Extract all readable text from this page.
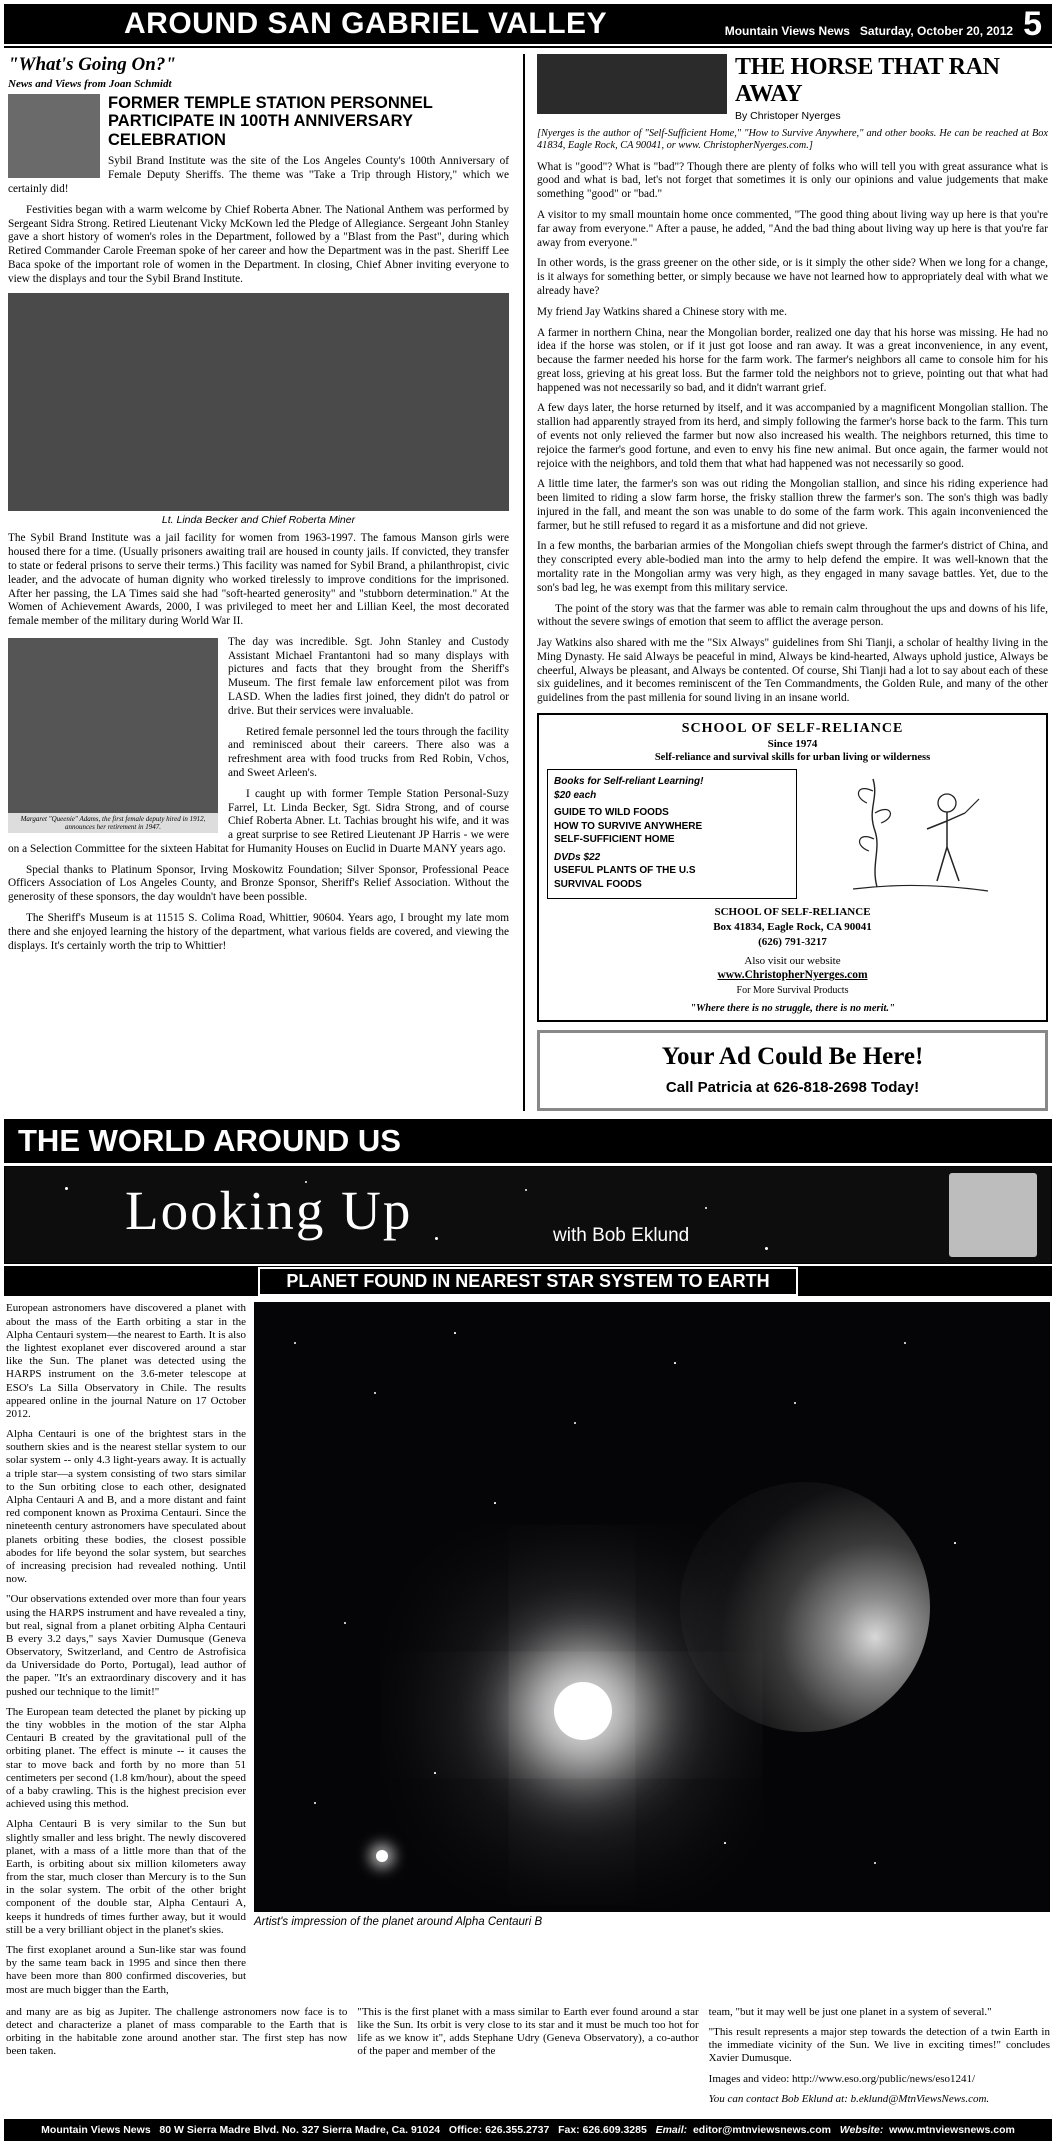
AROUND SAN GABRIEL VALLEY	Mountain Views News Saturday, October 20, 2012 5
"What's Going On?"
News and Views from Joan Schmidt
FORMER TEMPLE STATION PERSONNEL PARTICIPATE IN 100TH ANNIVERSARY CELEBRATION

Sybil Brand Institute was the site of the Los Angeles County's 100th Anniversary of Female Deputy Sheriffs. The theme was "Take a Trip through History," which we certainly did!

Festivities began with a warm welcome by Chief Roberta Abner. The National Anthem was performed by Sergeant Sidra Strong. Retired Lieutenant Vicky McKown led the Pledge of Allegiance. Sergeant John Stanley gave a short history of women's roles in the Department, followed by a "Blast from the Past", during which Retired Commander Carole Freeman spoke of her career and how the Department was in the past. Sheriff Lee Baca spoke of the important role of women in the Department. In closing, Chief Abner inviting everyone to view the displays and tour the Sybil Brand Institute.

Lt. Linda Becker and Chief Roberta Miner

The Sybil Brand Institute was a jail facility for women from 1963-1997. The famous Manson girls were housed there for a time. (Usually prisoners awaiting trail are housed in county jails. If convicted, they transfer to state or federal prisons to serve their terms.) This facility was named for Sybil Brand, a philanthropist, civic leader, and the advocate of human dignity who worked tirelessly to improve conditions for the imprisoned. After her passing, the LA Times said she had "soft-hearted generosity" and "stubborn determination." At the Women of Achievement Awards, 2000, I was privileged to meet her and Lillian Keel, the most decorated female member of the military during World War II.

Margaret "Queenie" Adams, the first female deputy hired in 1912, announces her retirement in 1947.

The day was incredible. Sgt. John Stanley and Custody Assistant Michael Frantantoni had so many displays with pictures and facts that they brought from the Sheriff's Museum. The first female law enforcement pilot was from LASD. When the ladies first joined, they didn't do patrol or drive. But their services were invaluable.

Retired female personnel led the tours through the facility and reminisced about their careers. There also was a refreshment area with food trucks from Red Robin, Vchos, and Sweet Arleen's.

I caught up with former Temple Station Personal-Suzy Farrel, Lt. Linda Becker, Sgt. Sidra Strong, and of course Chief Roberta Abner. Lt. Tachias brought his wife, and it was a great surprise to see Retired Lieutenant JP Harris - we were on a Selection Committee for the sixteen Habitat for Humanity Houses on Euclid in Duarte MANY years ago.

Special thanks to Platinum Sponsor, Irving Moskowitz Foundation; Silver Sponsor, Professional Peace Officers Association of Los Angeles County, and Bronze Sponsor, Sheriff's Relief Association. Without the generosity of these sponsors, the day wouldn't have been possible.

The Sheriff's Museum is at 11515 S. Colima Road, Whittier, 90604. Years ago, I brought my late mom there and she enjoyed learning the history of the department, what various fields are covered, and viewing the displays. It's certainly worth the trip to Whittier!

THE HORSE THAT RAN AWAY
By Christoper Nyerges
[Nyerges is the author of "Self-Sufficient Home," "How to Survive Anywhere," and other books. He can be reached at Box 41834, Eagle Rock, CA 90041, or www. ChristopherNyerges.com.]

What is "good"? What is "bad"? Though there are plenty of folks who will tell you with great assurance what is good and what is bad, let's not forget that sometimes it is only our opinions and value judgements that make something "good" or "bad."

A visitor to my small mountain home once commented, "The good thing about living way up here is that you're far away from everyone." After a pause, he added, "And the bad thing about living way up here is that you're far away from everyone."

In other words, is the grass greener on the other side, or is it simply the other side? When we long for a change, is it always for something better, or simply because we have not learned how to appropriately deal with what we already have?

My friend Jay Watkins shared a Chinese story with me.

A farmer in northern China, near the Mongolian border, realized one day that his horse was missing. He had no idea if the horse was stolen, or if it just got loose and ran away. It was a great inconvenience, in any event, because the farmer needed his horse for the farm work. The farmer's neighbors all came to console him for his great loss, grieving at his great loss. But the farmer told the neighbors not to grieve, pointing out that what had happened was not necessarily so bad, and it didn't warrant grief.

A few days later, the horse returned by itself, and it was accompanied by a magnificent Mongolian stallion. The stallion had apparently strayed from its herd, and simply following the farmer's horse back to the farm. This turn of events not only relieved the farmer but now also increased his wealth. The neighbors returned, this time to rejoice the farmer's good fortune, and even to envy his fine new animal. But once again, the farmer would not rejoice with the neighbors, and told them that what had happened was not necessarily so good.

A little time later, the farmer's son was out riding the Mongolian stallion, and since his riding experience had been limited to riding a slow farm horse, the frisky stallion threw the farmer's son. The son's thigh was badly injured in the fall, and meant the son was unable to do some of the farm work. This again inconvenienced the farmer, but he still refused to regard it as a misfortune and did not grieve.

In a few months, the barbarian armies of the Mongolian chiefs swept through the farmer's district of China, and they conscripted every able-bodied man into the army to help defend the empire. It was well-known that the mortality rate in the Mongolian army was very high, as they engaged in many savage battles. Yet, due to the son's bad leg, he was exempt from this military service.

The point of the story was that the farmer was able to remain calm throughout the ups and downs of his life, without the severe swings of emotion that seem to afflict the average person.

Jay Watkins also shared with me the "Six Always" guidelines from Shi Tianji, a scholar of healthy living in the Ming Dynasty. He said Always be peaceful in mind, Always be kind-hearted, Always uphold justice, Always be cheerful, Always be pleasant, and Always be contented. Of course, Shi Tianji had a lot to say about each of these six guidelines, and it becomes reminiscent of the Ten Commandments, the Golden Rule, and many of the other guidelines from the past millenia for sound living in an insane world.

SCHOOL OF SELF-RELIANCE
Since 1974
Self-reliance and survival skills for urban living or wilderness
Books for Self-reliant Learning!
$20 each
GUIDE TO WILD FOODS
HOW TO SURVIVE ANYWHERE
SELF-SUFFICIENT HOME
DVDs $22
USEFUL PLANTS OF THE U.S
SURVIVAL FOODS
SCHOOL OF SELF-RELIANCE
Box 41834, Eagle Rock, CA 90041
(626) 791-3217
Also visit our website
www.ChristopherNyerges.com
For More Survival Products
"Where there is no struggle, there is no merit."
Your Ad Could Be Here!
Call Patricia at 626-818-2698 Today!
THE WORLD AROUND US
Looking Up	with Bob Eklund
PLANET FOUND IN NEAREST STAR SYSTEM TO EARTH

European astronomers have discovered a planet with about the mass of the Earth orbiting a star in the Alpha Centauri system—the nearest to Earth. It is also the lightest exoplanet ever discovered around a star like the Sun. The planet was detected using the HARPS instrument on the 3.6-meter telescope at ESO's La Silla Observatory in Chile. The results appeared online in the journal Nature on 17 October 2012.

Alpha Centauri is one of the brightest stars in the southern skies and is the nearest stellar system to our solar system -- only 4.3 light-years away. It is actually a triple star—a system consisting of two stars similar to the Sun orbiting close to each other, designated Alpha Centauri A and B, and a more distant and faint red component known as Proxima Centauri. Since the nineteenth century astronomers have speculated about planets orbiting these bodies, the closest possible abodes for life beyond the solar system, but searches of increasing precision had revealed nothing. Until now.

"Our observations extended over more than four years using the HARPS instrument and have revealed a tiny, but real, signal from a planet orbiting Alpha Centauri B every 3.2 days," says Xavier Dumusque (Geneva Observatory, Switzerland, and Centro de Astrofisica da Universidade do Porto, Portugal), lead author of the paper. "It's an extraordinary discovery and it has pushed our technique to the limit!"

The European team detected the planet by picking up the tiny wobbles in the motion of the star Alpha Centauri B created by the gravitational pull of the orbiting planet. The effect is minute -- it causes the star to move back and forth by no more than 51 centimeters per second (1.8 km/hour), about the speed of a baby crawling. This is the highest precision ever achieved using this method.

Alpha Centauri B is very similar to the Sun but slightly smaller and less bright. The newly discovered planet, with a mass of a little more than that of the Earth, is orbiting about six million kilometers away from the star, much closer than Mercury is to the Sun in the solar system. The orbit of the other bright component of the double star, Alpha Centauri A, keeps it hundreds of times further away, but it would still be a very brilliant object in the planet's skies.

The first exoplanet around a Sun-like star was found by the same team back in 1995 and since then there have been more than 800 confirmed discoveries, but most are much bigger than the Earth,

Artist's impression of the planet around Alpha Centauri B

and many are as big as Jupiter. The challenge astronomers now face is to detect and characterize a planet of mass comparable to the Earth that is orbiting in the habitable zone around another star. The first step has now been taken.

"This is the first planet with a mass similar to Earth ever found around a star like the Sun. Its orbit is very close to its star and it must be much too hot for life as we know it", adds Stephane Udry (Geneva Observatory), a co-author of the paper and member of the

team, "but it may well be just one planet in a system of several."

"This result represents a major step towards the detection of a twin Earth in the immediate vicinity of the Sun. We live in exciting times!" concludes Xavier Dumusque.

Images and video: http://www.eso.org/public/news/eso1241/

You can contact Bob Eklund at: b.eklund@MtnViewsNews.com.

Mountain Views News 80 W Sierra Madre Blvd. No. 327 Sierra Madre, Ca. 91024 Office: 626.355.2737 Fax: 626.609.3285 Email: editor@mtnviewsnews.com Website: www.mtnviewsnews.com
